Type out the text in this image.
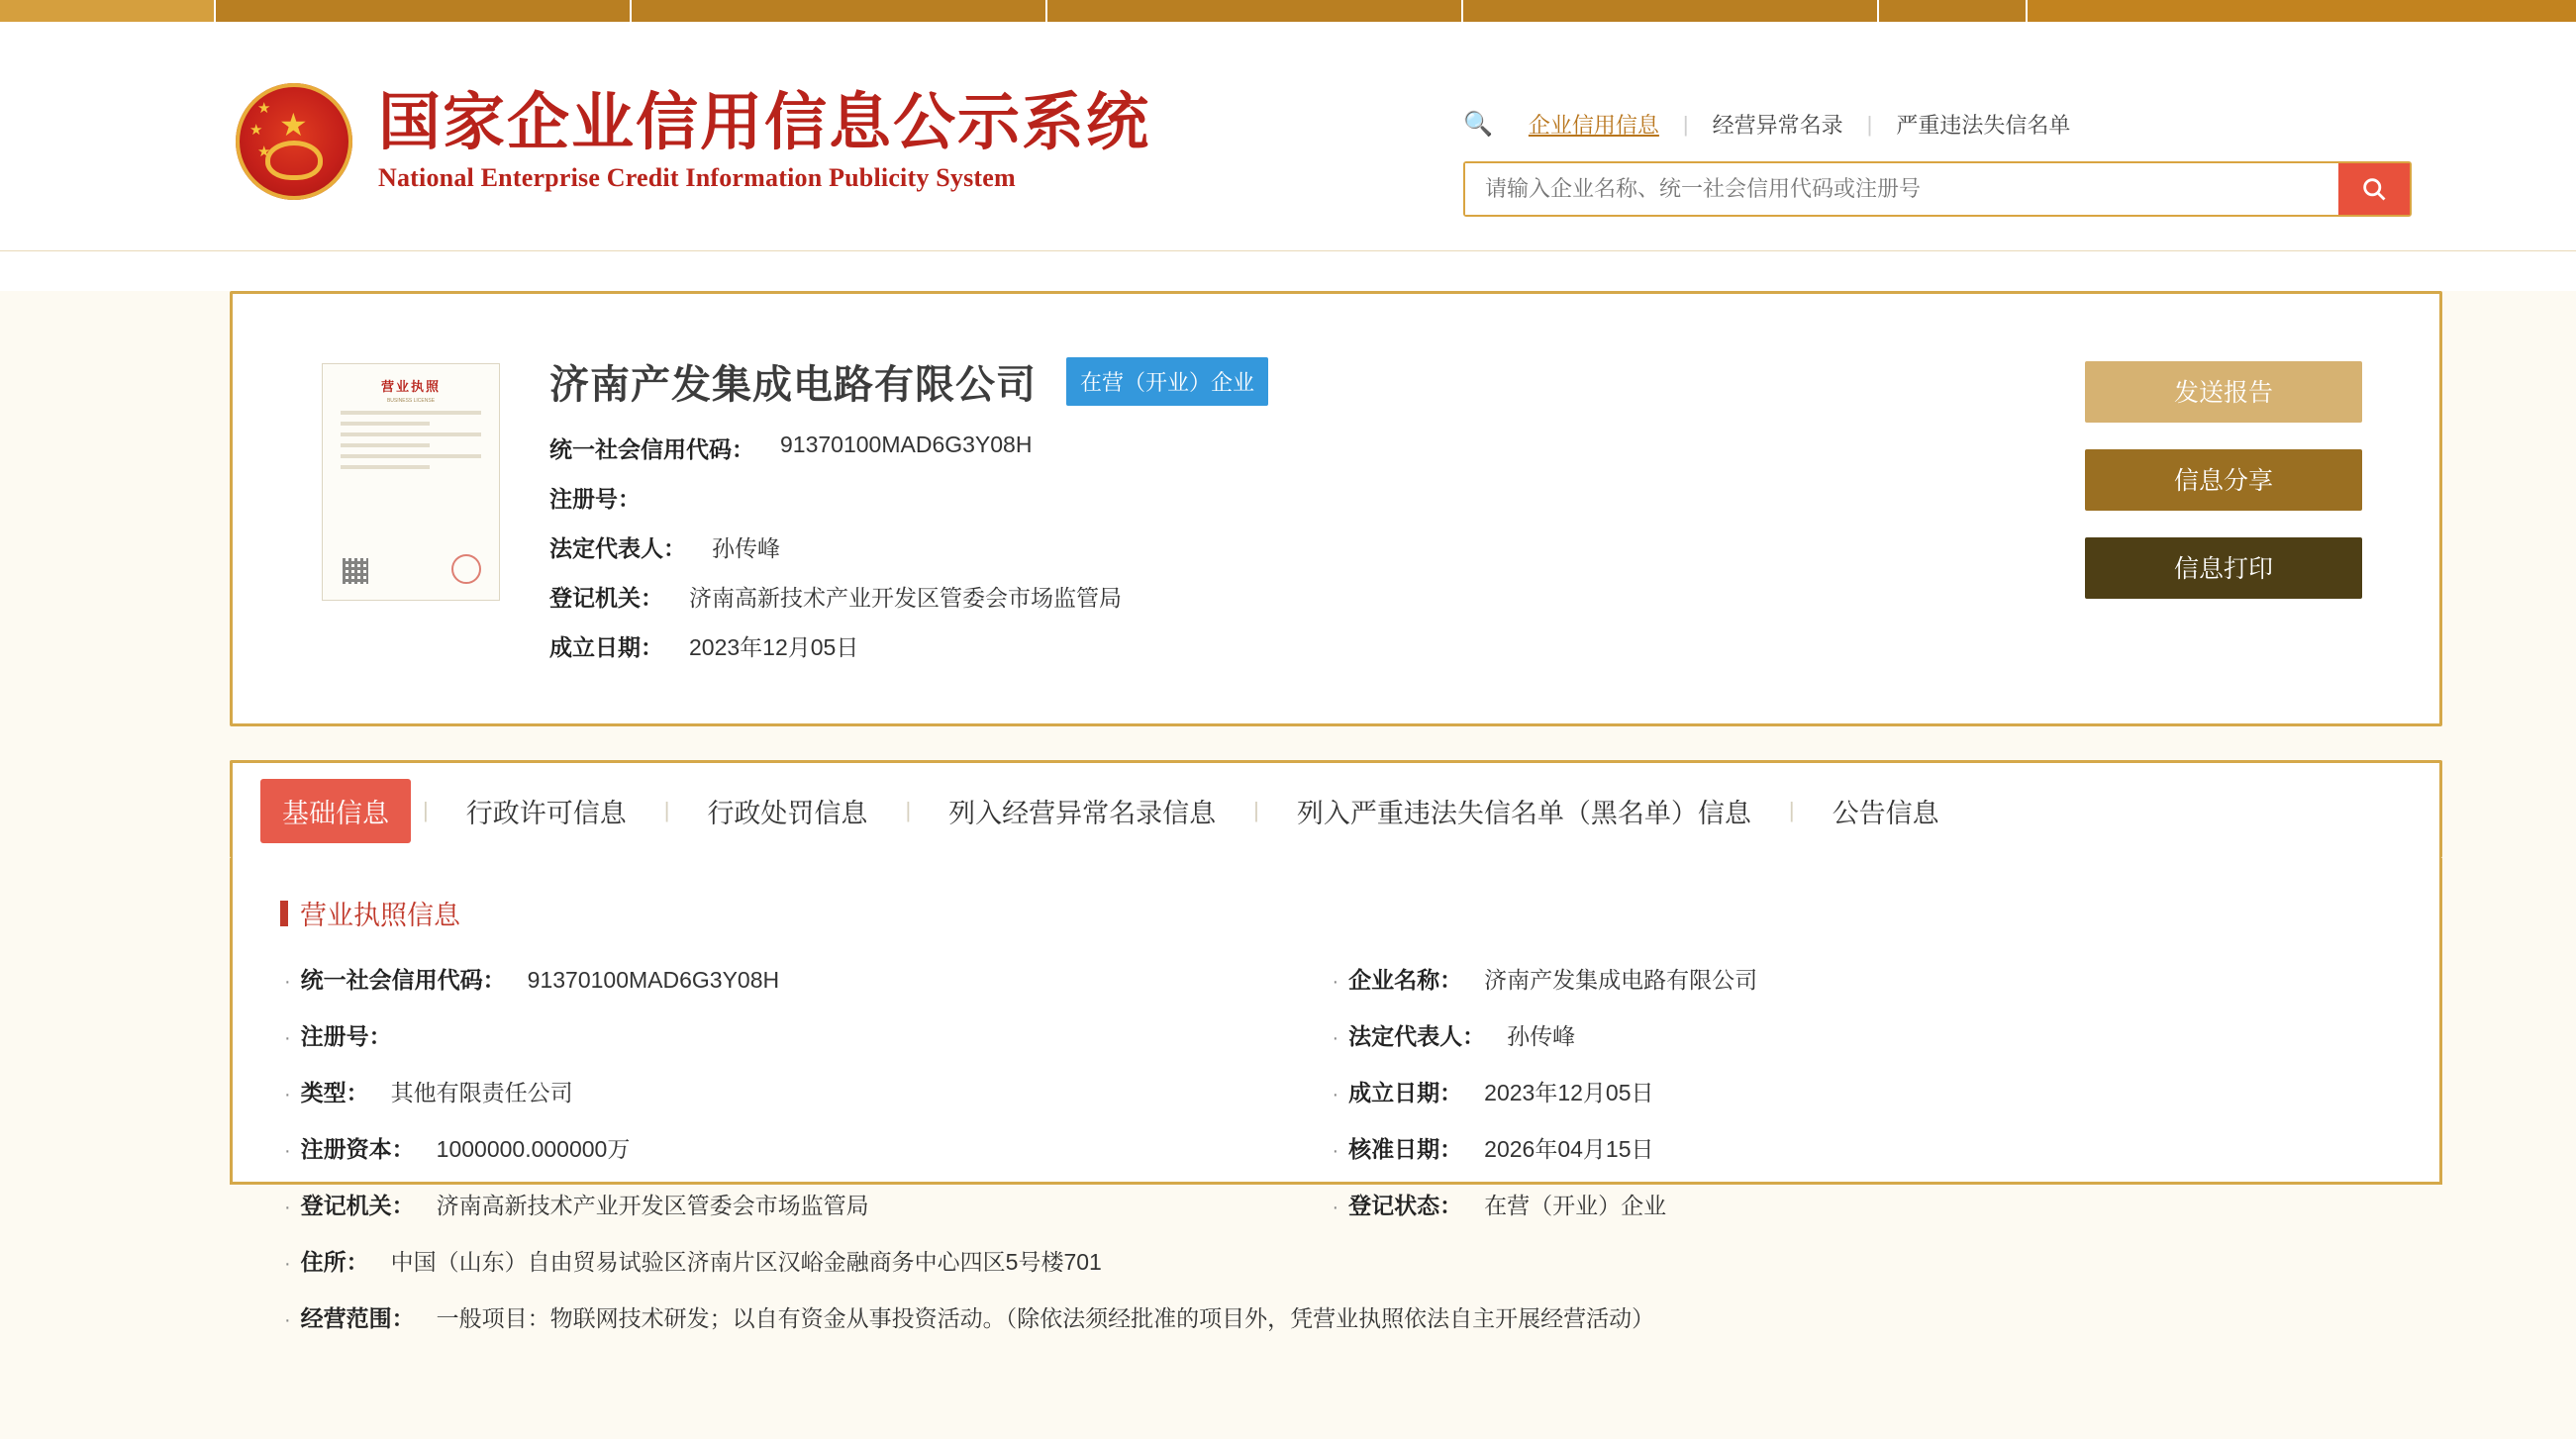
★
★
★
★ 国家企业信用信息公示系统
National Enterprise Credit Information Publicity System
🔍	企业信用信息	|	经营异常名录	|	严重违法失信名单
请输入企业名称、统一社会信用代码或注册号
营业执照
BUSINESS LICENSE	济南产发集成电路有限公司	在营（开业）企业
统一社会信用代码： 91370100MAD6G3Y08H
注册号：
法定代表人： 孙传峰
登记机关： 济南高新技术产业开发区管委会市场监管局
成立日期： 2023年12月05日
发送报告
信息分享
信息打印
基础信息	|	行政许可信息	|	行政处罚信息	|	列入经营异常名录信息	|	列入严重违法失信名单（黑名单）信息	|	公告信息
营业执照信息
· 统一社会信用代码： 91370100MAD6G3Y08H	· 企业名称： 济南产发集成电路有限公司
· 注册号：	· 法定代表人： 孙传峰
· 类型： 其他有限责任公司	· 成立日期： 2023年12月05日
· 注册资本： 1000000.000000万	· 核准日期： 2026年04月15日
· 登记机关： 济南高新技术产业开发区管委会市场监管局	· 登记状态： 在营（开业）企业
· 住所： 中国（山东）自由贸易试验区济南片区汉峪金融商务中心四区5号楼701
· 经营范围： 一般项目：物联网技术研发；以自有资金从事投资活动。（除依法须经批准的项目外，凭营业执照依法自主开展经营活动）
